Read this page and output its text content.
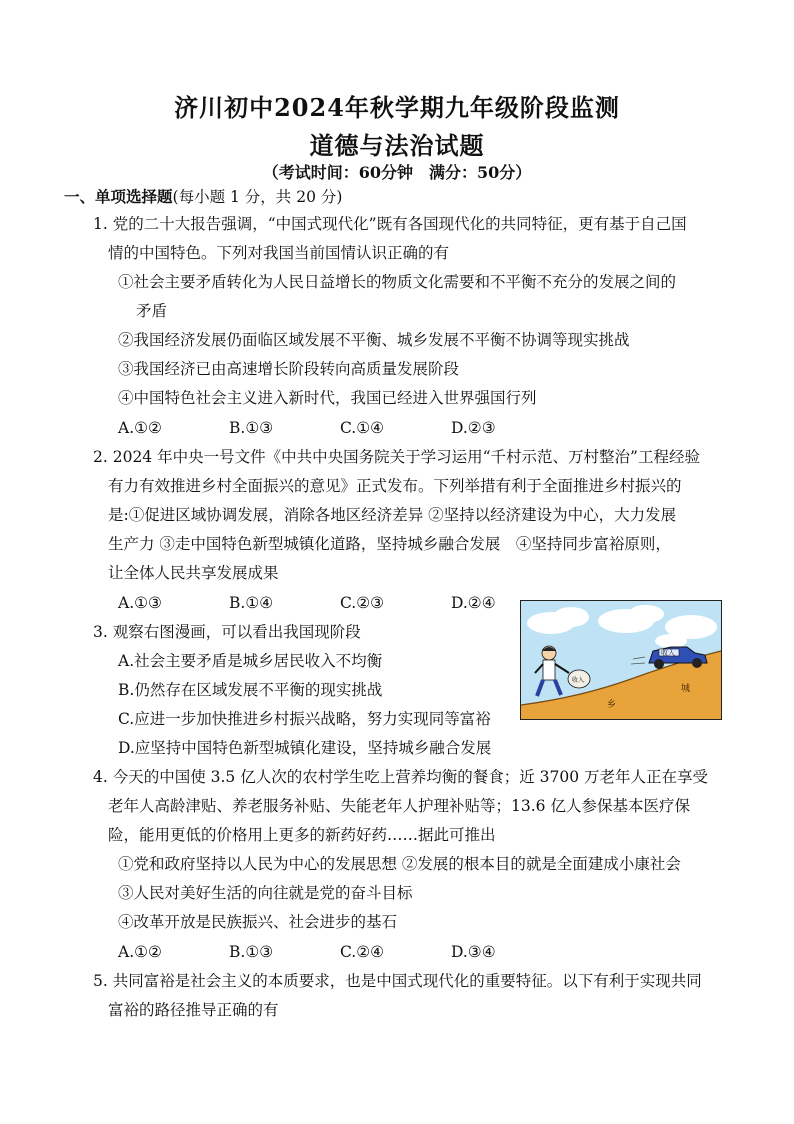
济川初中2024年秋学期九年级阶段监测
道德与法治试题
（考试时间：60分钟　满分：50分）
一、单项选择题(每小题 1 分，共 20 分)
1. 党的二十大报告强调，“中国式现代化”既有各国现代化的共同特征，更有基于自己国
情的中国特色。下列对我国当前国情认识正确的有
①社会主要矛盾转化为人民日益增长的物质文化需要和不平衡不充分的发展之间的
矛盾
②我国经济发展仍面临区域发展不平衡、城乡发展不平衡不协调等现实挑战
③我国经济已由高速增长阶段转向高质量发展阶段
④中国特色社会主义进入新时代，我国已经进入世界强国行列
A.①②	B.①③	C.①④	D.②③
2. 2024 年中央一号文件《中共中央国务院关于学习运用“千村示范、万村整治”工程经验
有力有效推进乡村全面振兴的意见》正式发布。下列举措有利于全面推进乡村振兴的
是:①促进区域协调发展，消除各地区经济差异 ②坚持以经济建设为中心，大力发展
生产力 ③走中国特色新型城镇化道路，坚持城乡融合发展　④坚持同步富裕原则，
让全体人民共享发展成果
A.①③	B.①④	C.②③	D.②④
3. 观察右图漫画，可以看出我国现阶段
A.社会主要矛盾是城乡居民收入不均衡
B.仍然存在区域发展不平衡的现实挑战
C.应进一步加快推进乡村振兴战略，努力实现同等富裕
D.应坚持中国特色新型城镇化建设，坚持城乡融合发展
乡
城
收入
收入
4. 今天的中国使 3.5 亿人次的农村学生吃上营养均衡的餐食；近 3700 万老年人正在享受
老年人高龄津贴、养老服务补贴、失能老年人护理补贴等；13.6 亿人参保基本医疗保
险，能用更低的价格用上更多的新药好药……据此可推出
①党和政府坚持以人民为中心的发展思想 ②发展的根本目的就是全面建成小康社会
③人民对美好生活的向往就是党的奋斗目标
④改革开放是民族振兴、社会进步的基石
A.①②	B.①③	C.②④	D.③④
5. 共同富裕是社会主义的本质要求，也是中国式现代化的重要特征。以下有利于实现共同
富裕的路径推导正确的有
